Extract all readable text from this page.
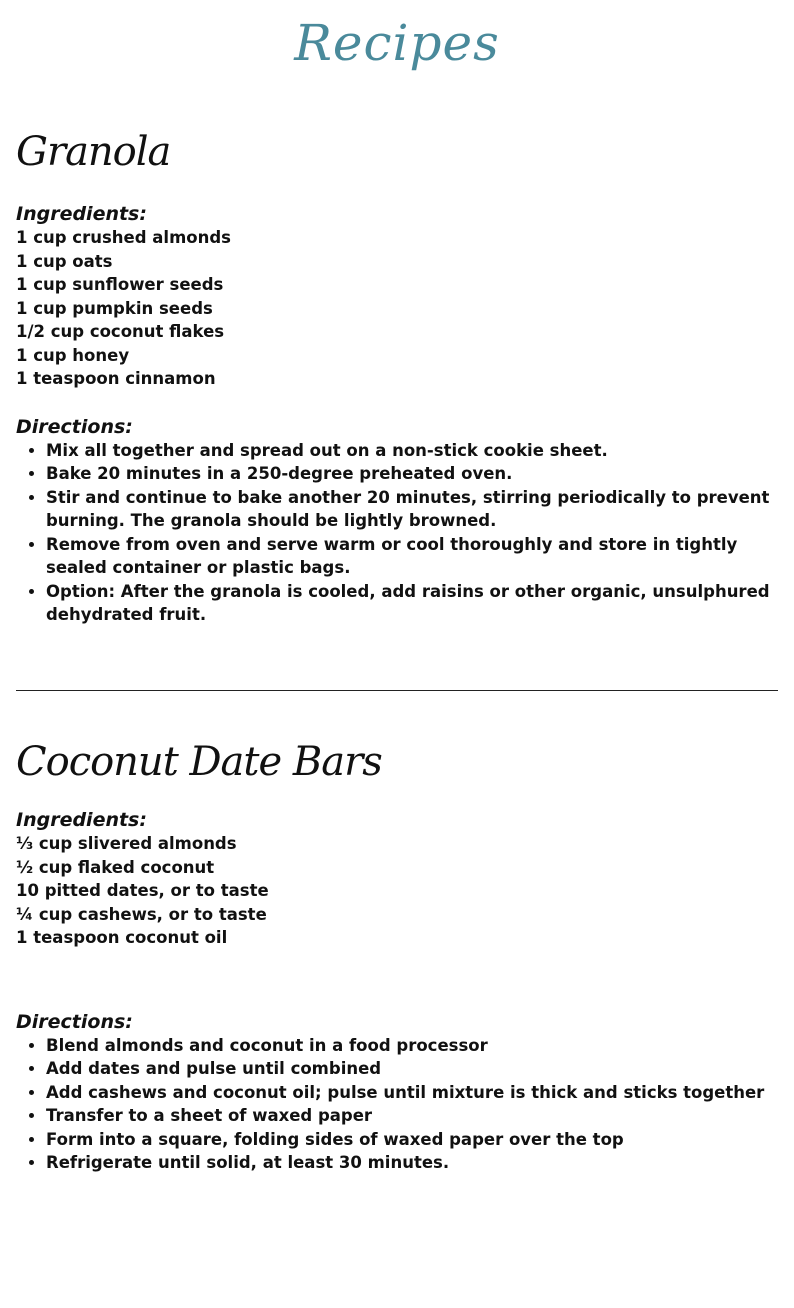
Recipes
Granola

Ingredients:

1 cup crushed almonds
1 cup oats
1 cup sunflower seeds
1 cup pumpkin seeds
1/2 cup coconut flakes
1 cup honey
1 teaspoon cinnamon

Directions:

• Mix all together and spread out on a non-stick cookie sheet.
• Bake 20 minutes in a 250-degree preheated oven.
• Stir and continue to bake another 20 minutes, stirring periodically to prevent burning. The granola should be lightly browned.
• Remove from oven and serve warm or cool thoroughly and store in tightly sealed container or plastic bags.
• Option: After the granola is cooled, add raisins or other organic, unsulphured dehydrated fruit.
Coconut Date Bars

Ingredients:

⅓ cup slivered almonds
½ cup flaked coconut
10 pitted dates, or to taste
¼ cup cashews, or to taste
1 teaspoon coconut oil

Directions:

• Blend almonds and coconut in a food processor
• Add dates and pulse until combined
• Add cashews and coconut oil; pulse until mixture is thick and sticks together
• Transfer to a sheet of waxed paper
• Form into a square, folding sides of waxed paper over the top
• Refrigerate until solid, at least 30 minutes.
